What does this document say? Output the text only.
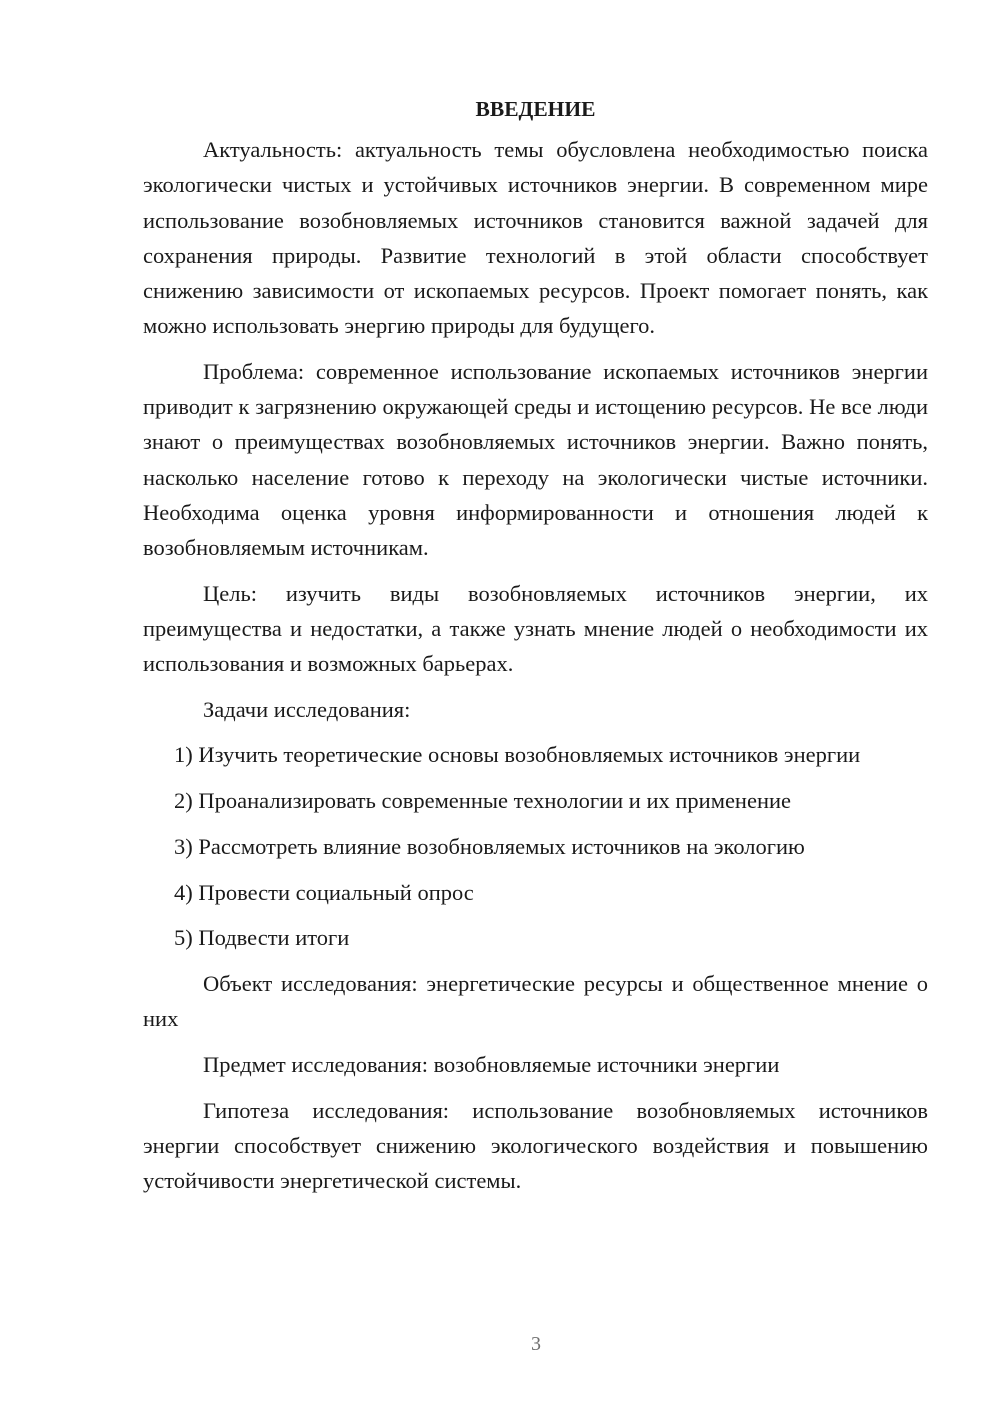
ВВЕДЕНИЕ
Актуальность: актуальность темы обусловлена необходимостью поиска экологически чистых и устойчивых источников энергии. В современном мире использование возобновляемых источников становится важной задачей для сохранения природы. Развитие технологий в этой области способствует снижению зависимости от ископаемых ресурсов. Проект помогает понять, как можно использовать энергию природы для будущего.
Проблема: современное использование ископаемых источников энергии приводит к загрязнению окружающей среды и истощению ресурсов. Не все люди знают о преимуществах возобновляемых источников энергии. Важно понять, насколько население готово к переходу на экологически чистые источники. Необходима оценка уровня информированности и отношения людей к возобновляемым источникам.
Цель: изучить виды возобновляемых источников энергии, их преимущества и недостатки, а также узнать мнение людей о необходимости их использования и возможных барьерах.
Задачи исследования:
1) Изучить теоретические основы возобновляемых источников энергии
2) Проанализировать современные технологии и их применение
3) Рассмотреть влияние возобновляемых источников на экологию
4) Провести социальный опрос
5) Подвести итоги
Объект исследования: энергетические ресурсы и общественное мнение о них
Предмет исследования: возобновляемые источники энергии
Гипотеза исследования: использование возобновляемых источников энергии способствует снижению экологического воздействия и повышению устойчивости энергетической системы.
3
